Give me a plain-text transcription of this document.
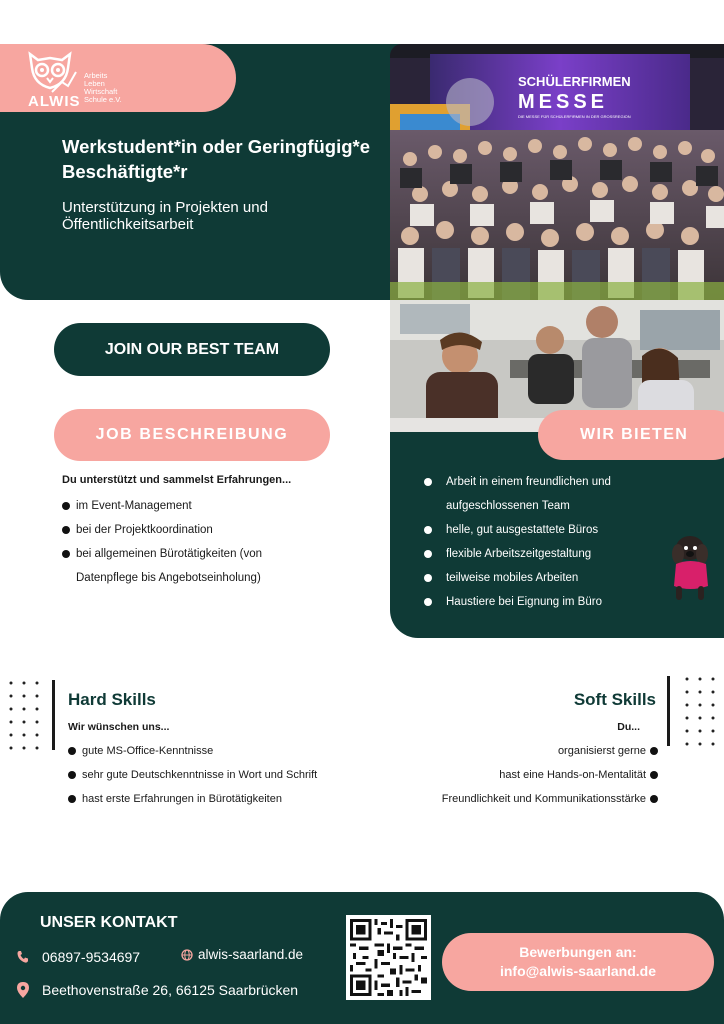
ALWIS
Arbeits
Leben
Wirtschaft
Schule e.V.
Werkstudent*in oder Geringfügig*e Beschäftigte*r
Unterstützung in Projekten und Öffentlichkeitsarbeit
SCHÜLERFIRMEN
MESSE
DIE MESSE FÜR SCHÜLERFIRMEN IN DER GROSSREGION
JOIN OUR BEST TEAM
JOB BESCHREIBUNG
Du unterstützt und sammelst Erfahrungen...
im Event-Management
bei der Projektkoordination
bei allgemeinen Bürotätigkeiten (von
Datenpflege bis Angebotseinholung)
WIR BIETEN
Arbeit in einem freundlichen und
aufgeschlossenen Team
helle, gut ausgestattete Büros
flexible Arbeitszeitgestaltung
teilweise mobiles Arbeiten
Haustiere bei Eignung im Büro
Hard Skills
Wir wünschen uns...
gute MS-Office-Kenntnisse
sehr gute Deutschkenntnisse in Wort und Schrift
hast erste Erfahrungen in Bürotätigkeiten
Soft Skills
Du...
organisierst gerne
hast eine Hands-on-Mentalität
Freundlichkeit und Kommunikationsstärke
UNSER KONTAKT
06897-9534697	alwis-saarland.de
Beethovenstraße 26, 66125 Saarbrücken
Bewerbungen an:
info@alwis-saarland.de
